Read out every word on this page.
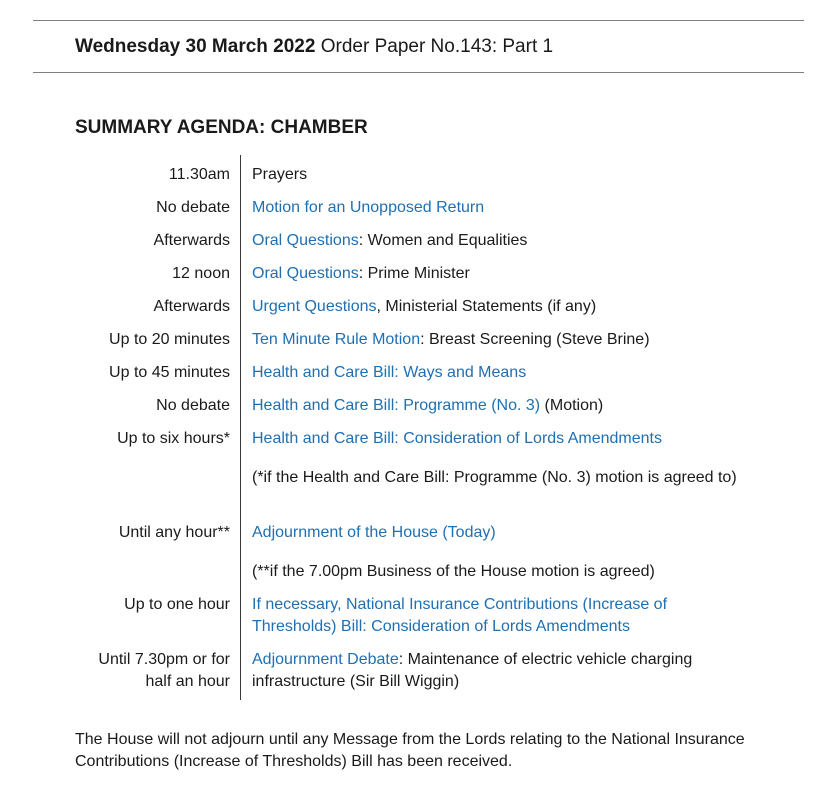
Wednesday 30 March 2022 Order Paper No.143: Part 1
SUMMARY AGENDA: CHAMBER
11.30am Prayers
No debate Motion for an Unopposed Return
Afterwards Oral Questions: Women and Equalities
12 noon Oral Questions: Prime Minister
Afterwards Urgent Questions, Ministerial Statements (if any)
Up to 20 minutes Ten Minute Rule Motion: Breast Screening (Steve Brine)
Up to 45 minutes Health and Care Bill: Ways and Means
No debate Health and Care Bill: Programme (No. 3) (Motion)
Up to six hours* Health and Care Bill: Consideration of Lords Amendments
(*if the Health and Care Bill: Programme (No. 3) motion is agreed to)
Until any hour** Adjournment of the House (Today)
(**if the 7.00pm Business of the House motion is agreed)
Up to one hour If necessary, National Insurance Contributions (Increase of Thresholds) Bill: Consideration of Lords Amendments
Until 7.30pm or for half an hour
Adjournment Debate: Maintenance of electric vehicle charging infrastructure (Sir Bill Wiggin)
The House will not adjourn until any Message from the Lords relating to the National Insurance Contributions (Increase of Thresholds) Bill has been received.
